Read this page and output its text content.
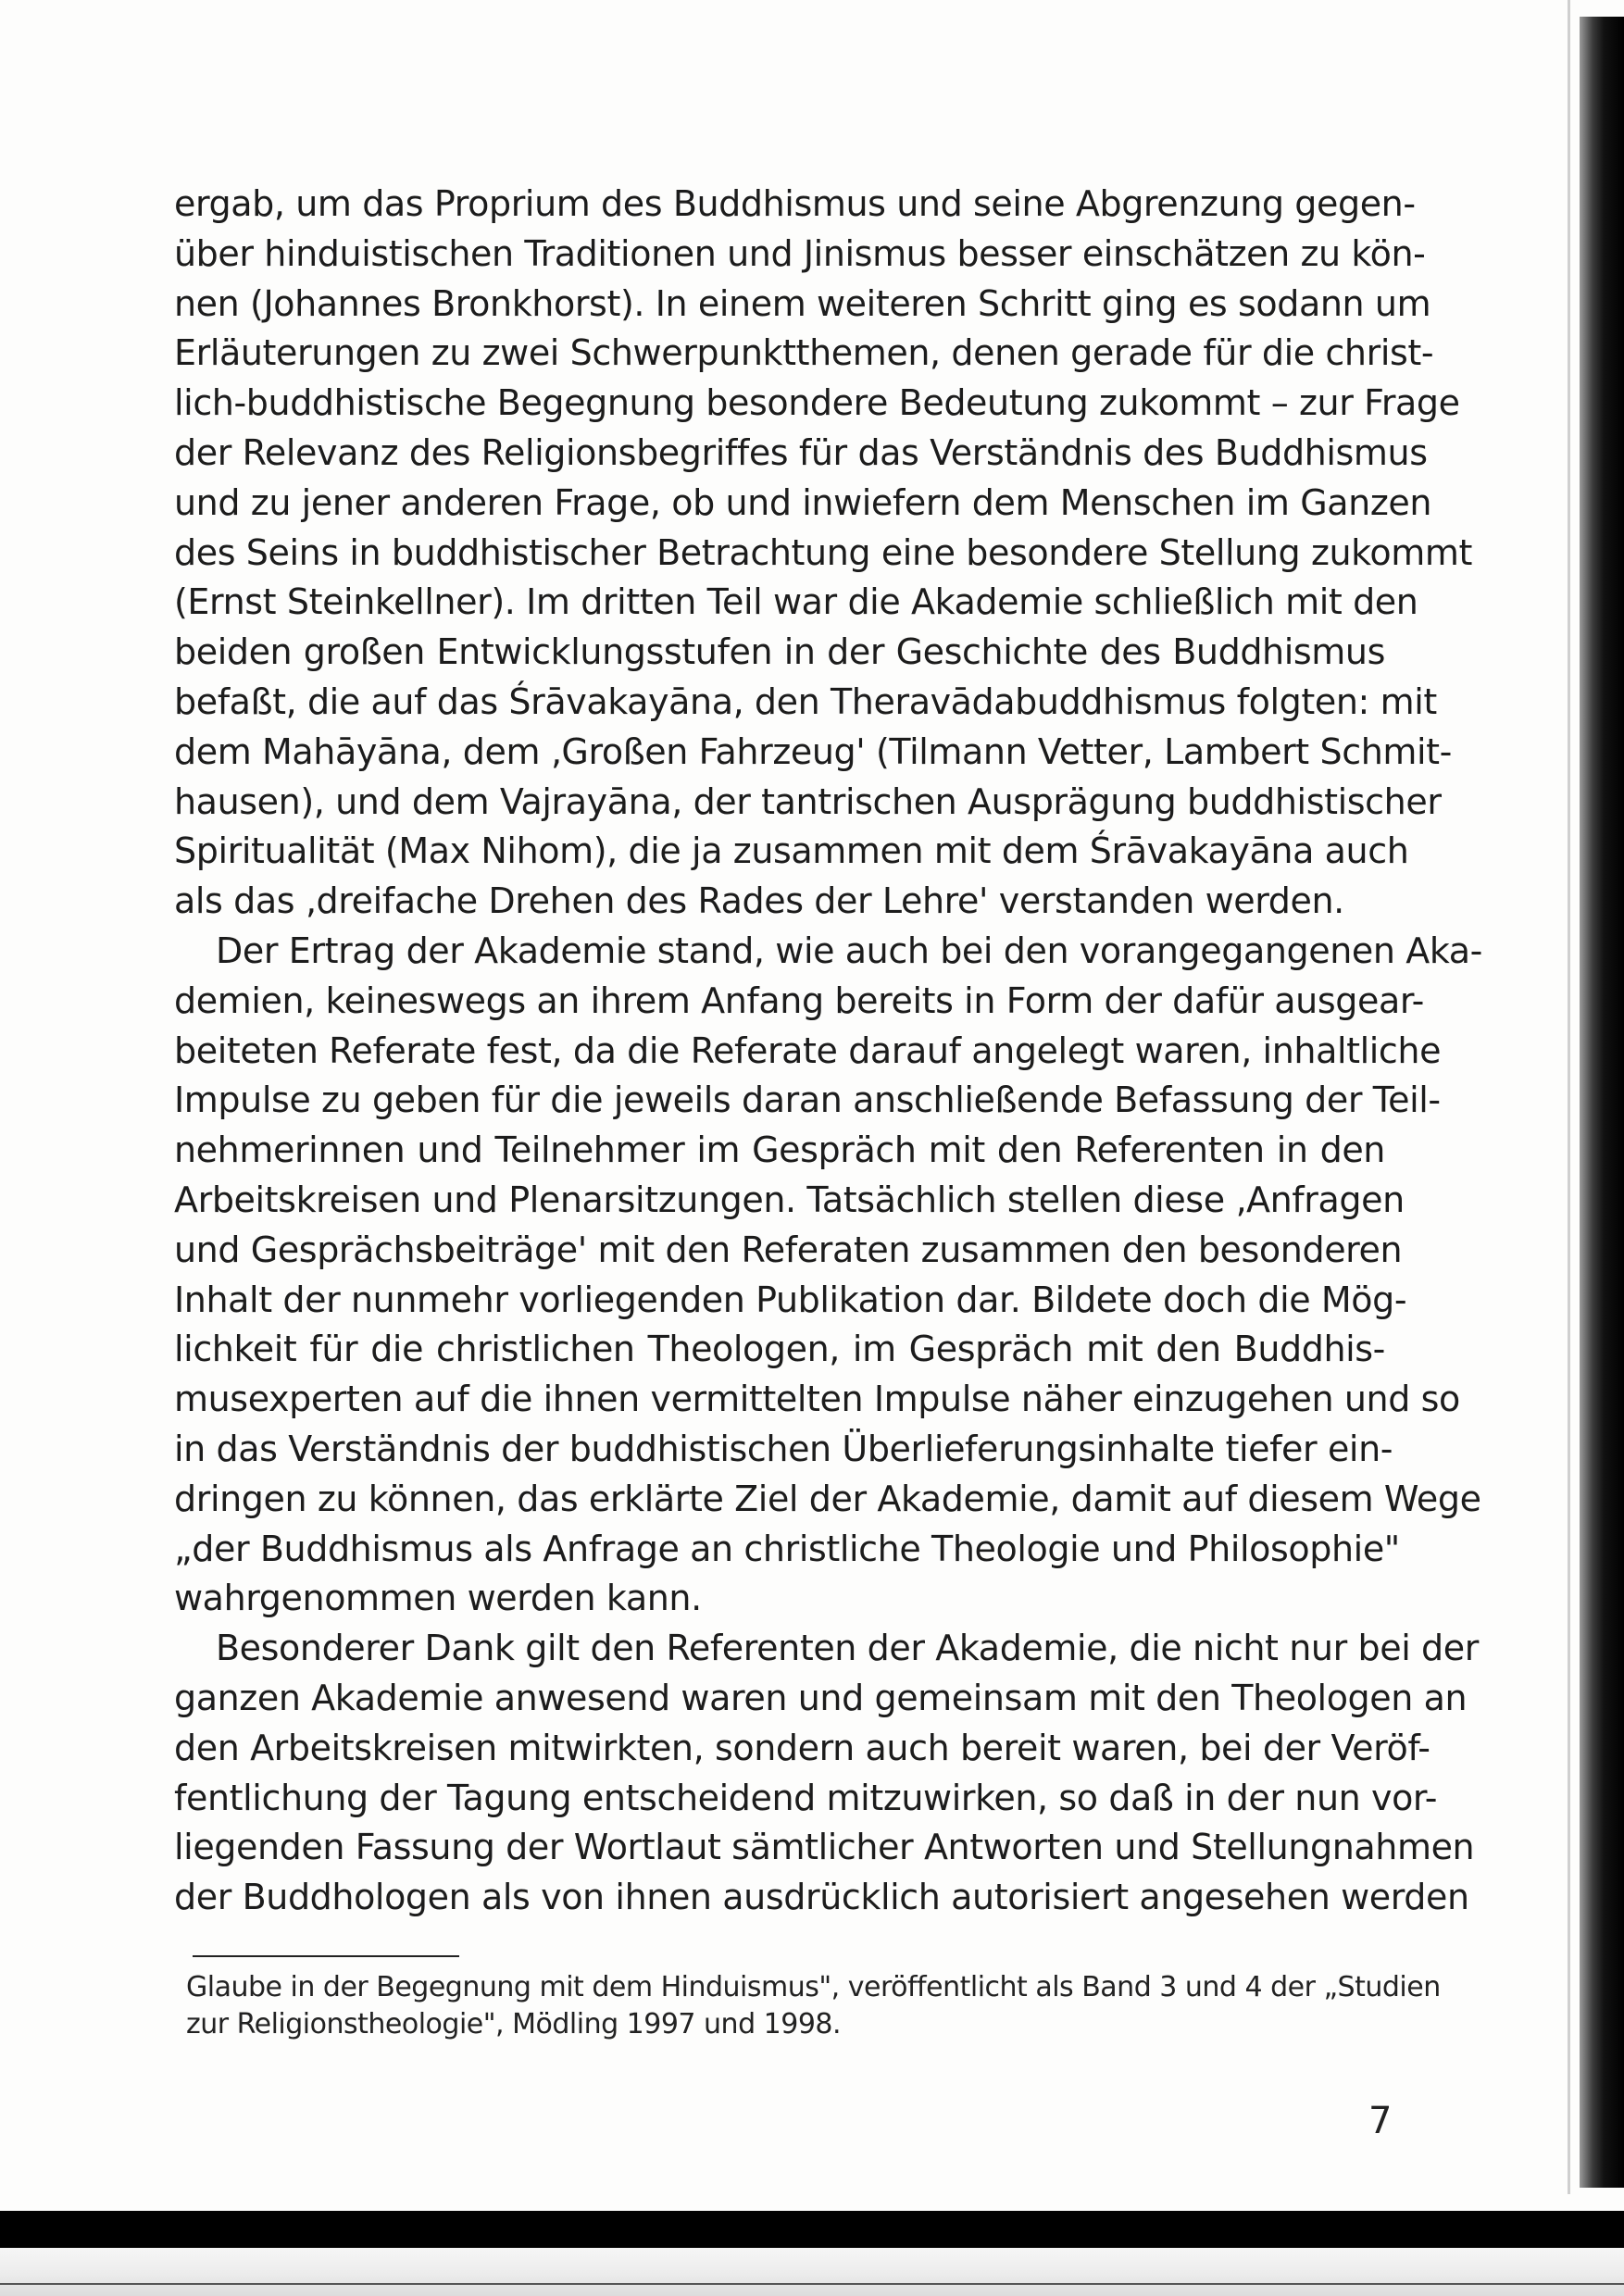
ergab, um das Proprium des Buddhismus und seine Abgrenzung gegen-
über hinduistischen Traditionen und Jinismus besser einschätzen zu kön-
nen (Johannes Bronkhorst). In einem weiteren Schritt ging es sodann um
Erläuterungen zu zwei Schwerpunktthemen, denen gerade für die christ-
lich-buddhistische Begegnung besondere Bedeutung zukommt – zur Frage
der Relevanz des Religionsbegriffes für das Verständnis des Buddhismus
und zu jener anderen Frage, ob und inwiefern dem Menschen im Ganzen
des Seins in buddhistischer Betrachtung eine besondere Stellung zukommt
(Ernst Steinkellner). Im dritten Teil war die Akademie schließlich mit den
beiden großen Entwicklungsstufen in der Geschichte des Buddhismus
befaßt, die auf das Śrāvakayāna, den Theravādabuddhismus folgten: mit
dem Mahāyāna, dem ‚Großen Fahrzeug' (Tilmann Vetter, Lambert Schmit-
hausen), und dem Vajrayāna, der tantrischen Ausprägung buddhistischer
Spiritualität (Max Nihom), die ja zusammen mit dem Śrāvakayāna auch
als das ‚dreifache Drehen des Rades der Lehre' verstanden werden.
Der Ertrag der Akademie stand, wie auch bei den vorangegangenen Aka-
demien, keineswegs an ihrem Anfang bereits in Form der dafür ausgear-
beiteten Referate fest, da die Referate darauf angelegt waren, inhaltliche
Impulse zu geben für die jeweils daran anschließende Befassung der Teil-
nehmerinnen und Teilnehmer im Gespräch mit den Referenten in den
Arbeitskreisen und Plenarsitzungen. Tatsächlich stellen diese ‚Anfragen
und Gesprächsbeiträge' mit den Referaten zusammen den besonderen
Inhalt der nunmehr vorliegenden Publikation dar. Bildete doch die Mög-
lichkeit für die christlichen Theologen, im Gespräch mit den Buddhis-
musexperten auf die ihnen vermittelten Impulse näher einzugehen und so
in das Verständnis der buddhistischen Überlieferungsinhalte tiefer ein-
dringen zu können, das erklärte Ziel der Akademie, damit auf diesem Wege
„der Buddhismus als Anfrage an christliche Theologie und Philosophie"
wahrgenommen werden kann.
Besonderer Dank gilt den Referenten der Akademie, die nicht nur bei der
ganzen Akademie anwesend waren und gemeinsam mit den Theologen an
den Arbeitskreisen mitwirkten, sondern auch bereit waren, bei der Veröf-
fentlichung der Tagung entscheidend mitzuwirken, so daß in der nun vor-
liegenden Fassung der Wortlaut sämtlicher Antworten und Stellungnahmen
der Buddhologen als von ihnen ausdrücklich autorisiert angesehen werden
Glaube in der Begegnung mit dem Hinduismus", veröffentlicht als Band 3 und 4 der „Studien
zur Religionstheologie", Mödling 1997 und 1998.
7
